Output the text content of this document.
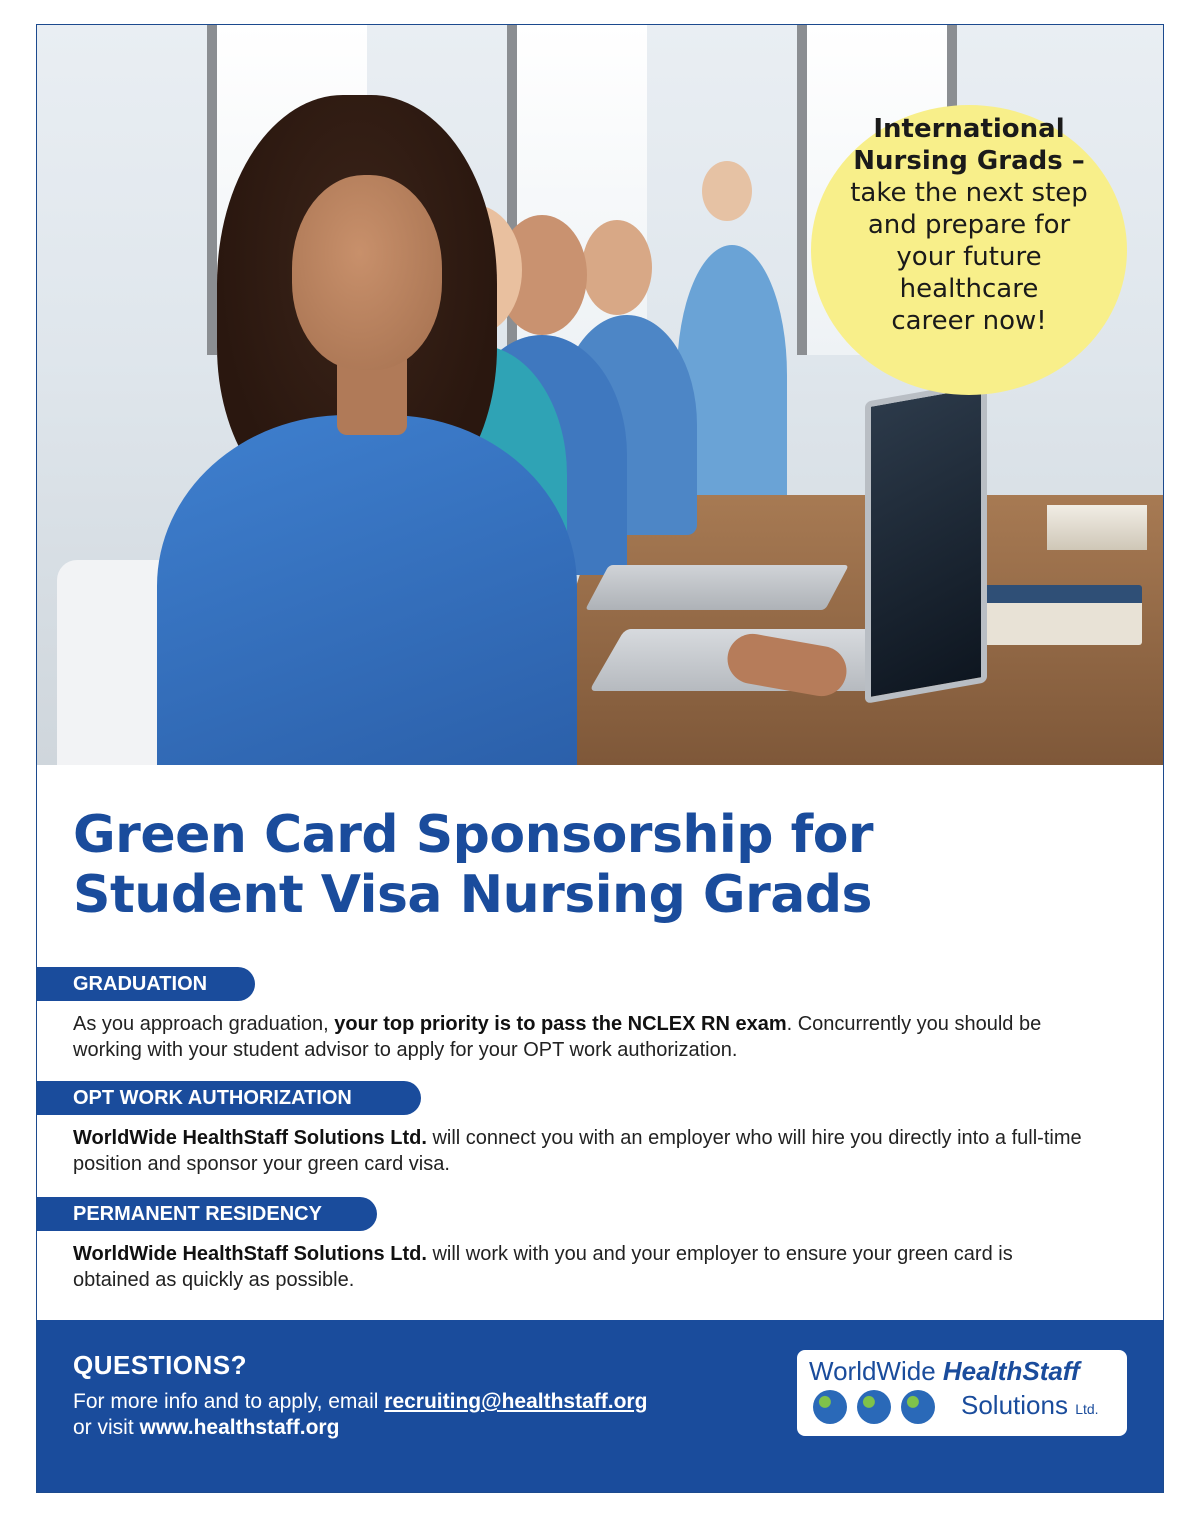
International
Nursing Grads –
take the next step
and prepare for
your future
healthcare
career now!
Green Card Sponsorship for
Student Visa Nursing Grads
GRADUATION
As you approach graduation, your top priority is to pass the NCLEX RN exam. Concurrently you should be working with your student advisor to apply for your OPT work authorization.
OPT WORK AUTHORIZATION
WorldWide HealthStaff Solutions Ltd. will connect you with an employer who will hire you directly into a full-time position and sponsor your green card visa.
PERMANENT RESIDENCY
WorldWide HealthStaff Solutions Ltd. will work with you and your employer to ensure your green card is obtained as quickly as possible.
QUESTIONS?
For more info and to apply, email recruiting@healthstaff.org
or visit www.healthstaff.org
WorldWide HealthStaff
Solutions Ltd.
